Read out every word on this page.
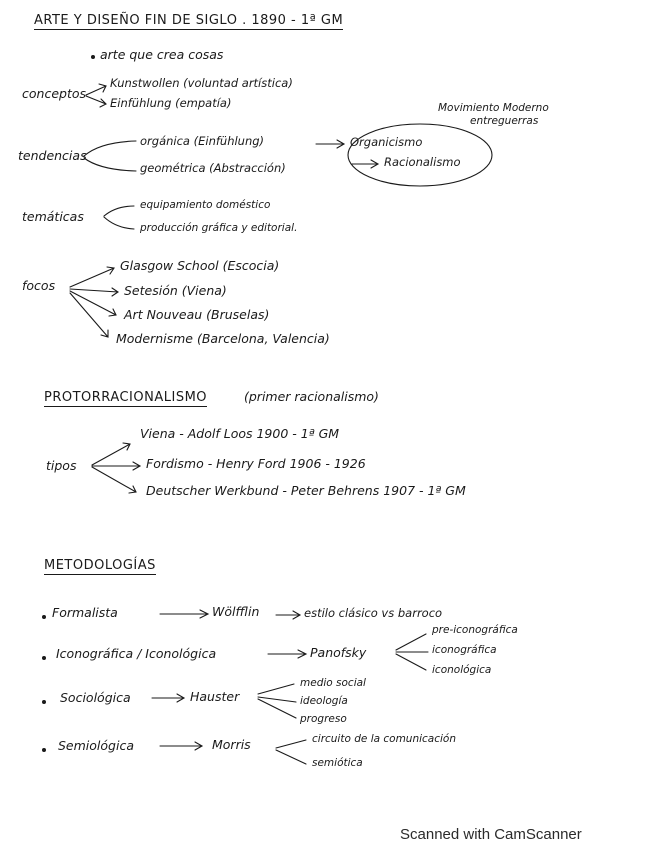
ARTE Y DISEÑO FIN DE SIGLO . 1890 - 1ª GM
arte que crea cosas
conceptos
Kunstwollen (voluntad artística)
Einfühlung (empatía)
tendencias
orgánica (Einfühlung)
geométrica (Abstracción)
Organicismo
Racionalismo
Movimiento Moderno
entreguerras
temáticas
equipamiento doméstico
producción gráfica y editorial.
focos
Glasgow School (Escocia)
Setesión (Viena)
Art Nouveau (Bruselas)
Modernisme (Barcelona, Valencia)
PROTORRACIONALISMO	(primer racionalismo)
tipos
Viena - Adolf Loos 1900 - 1ª GM
Fordismo - Henry Ford 1906 - 1926
Deutscher Werkbund - Peter Behrens 1907 - 1ª GM
METODOLOGÍAS
Formalista	Wölfflin	estilo clásico vs barroco
Iconográfica / Iconológica	Panofsky
pre-iconográfica
iconográfica
iconológica
Sociológica	Hauster
medio social
ideología
progreso
Semiológica	Morris	circuito de la comunicación
semiótica
Scanned with CamScanner
